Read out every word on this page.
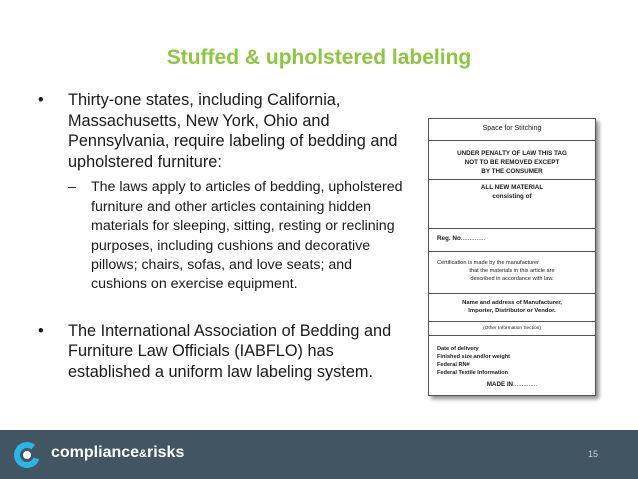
Stuffed & upholstered labeling
• Thirty-one states, including California, Massachusetts, New York, Ohio and Pennsylvania, require labeling of bedding and upholstered furniture:
– The laws apply to articles of bedding, upholstered furniture and other articles containing hidden materials for sleeping, sitting, resting or reclining purposes, including cushions and decorative pillows; chairs, sofas, and love seats; and cushions on exercise equipment.
• The International Association of Bedding and Furniture Law Officials (IABFLO) has established a uniform law labeling system.
Space for Stitching
UNDER PENALTY OF LAW THIS TAG
NOT TO BE REMOVED EXCEPT
BY THE CONSUMER
ALL NEW MATERIAL
consisting of
Reg. No..............
Certification is made by the manufacturer
that the materials in this article are
described in accordance with law.
Name and address of Manufacturer,
Importer, Distributor or Vendor.
(Other Information Section)
Date of delivery
Finished size and/or weight
Federal RN#
Federal Textile Information
MADE IN..............
compliance&risks	15
